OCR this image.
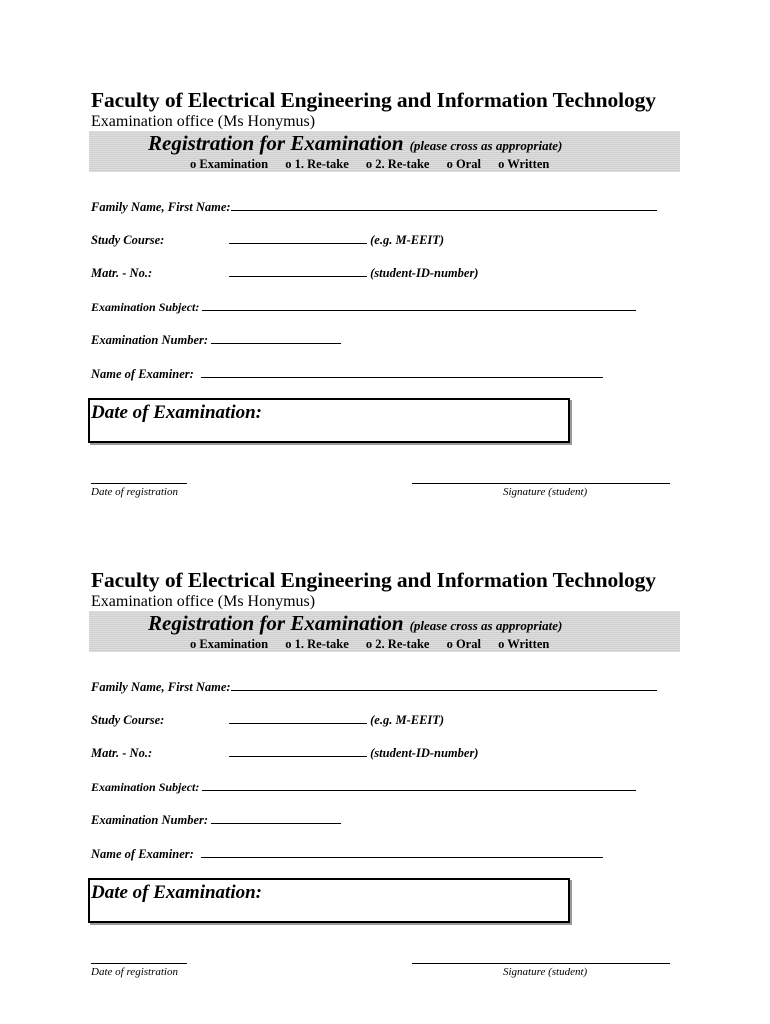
Faculty of Electrical Engineering and Information Technology
Examination office (Ms Honymus)
Registration for Examination (please cross as appropriate)
o Examination o 1. Re-take o 2. Re-take o Oral o Written
Family Name, First Name:
Study Course:	(e.g. M-EEIT)
Matr. - No.:	(student-ID-number)
Examination Subject:
Examination Number:
Name of Examiner:
Date of Examination:
Date of registration	Signature (student)
Faculty of Electrical Engineering and Information Technology
Examination office (Ms Honymus)
Registration for Examination (please cross as appropriate)
o Examination o 1. Re-take o 2. Re-take o Oral o Written
Family Name, First Name:
Study Course:	(e.g. M-EEIT)
Matr. - No.:	(student-ID-number)
Examination Subject:
Examination Number:
Name of Examiner:
Date of Examination:
Date of registration	Signature (student)
